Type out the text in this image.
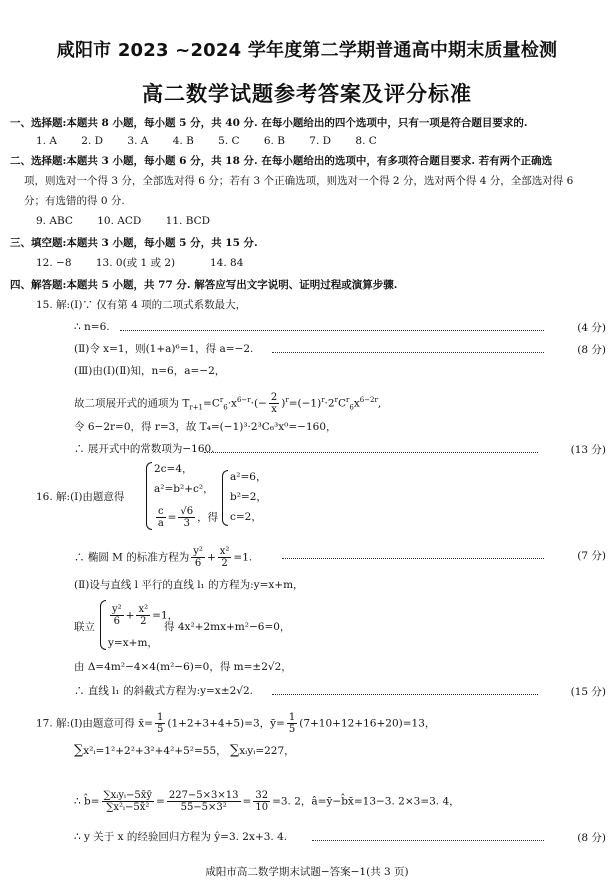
咸阳市 2023 ~2024 学年度第二学期普通高中期末质量检测
高二数学试题参考答案及评分标准
一、选择题:本题共 8 小题，每小题 5 分，共 40 分. 在每小题给出的四个选项中，只有一项是符合题目要求的.
1. A   2. D   3. A   4. B   5. C   6. B   7. D   8. C
二、选择题:本题共 3 小题，每小题 6 分，共 18 分. 在每小题给出的选项中，有多项符合题目要求. 若有两个正确选
项，则选对一个得 3 分，全部选对得 6 分；若有 3 个正确选项，则选对一个得 2 分，选对两个得 4 分，全部选对得 6
分；有选错的得 0 分.
9. ABC   10. ACD   11. BCD
三、填空题:本题共 3 小题，每小题 5 分，共 15 分.
12. −8   13. 0(或 1 或 2)   	14. 84
四、解答题:本题共 5 小题，共 77 分. 解答应写出文字说明、证明过程或演算步骤.
15. 解:(Ⅰ)∵ 仅有第 4 项的二项式系数最大，
∴ n=6.	(4 分)
(Ⅱ)令 x=1，则(1+a)⁶=1，得 a=−2.	(8 分)
(Ⅲ)由(Ⅰ)(Ⅱ)知，n=6，a=−2，
故二项展开式的通项为 $T_{r+1}=C^r_6\cdot x^{6-r}\cdot(- \frac{2}{x} )^r=(-1)^r\cdot 2^rC^r_6x^{6-2r}$,
令 6−2r=0，得 r=3，故 T₄=(−1)³·2³C₆³x⁰=−160，
∴ 展开式中的常数项为−160.	(13 分)
16. 解:(Ⅰ)由题意得
2c=4，
a²=b²+c²，
$\frac{c}{a} = \frac{√6}{3}$ ，得
a²=6，
b²=2，
c=2，
∴ 椭圆 M 的标准方程为 $\frac{\text{y²}}{6} + \frac{\text{x²}}{2} =1$.	(7 分)
(Ⅱ)设与直线 l 平行的直线 l₁ 的方程为:y=x+m，
联立	$\frac{\text{y²}}{6} + \frac{\text{x²}}{2} =1$，
y=x+m，
得 4x²+2mx+m²−6=0，
由 Δ=4m²−4×4(m²−6)=0，得 m=±2√2，
∴ 直线 l₁ 的斜截式方程为:y=x±2√2.	(15 分)
17. 解:(Ⅰ)由题意可得 x̄= $\frac{1}{5} (1+2+3+4+5)=3$，ȳ= $\frac{1}{5} (7+10+12+16+20)=13$，
∑x²ᵢ=1²+2²+3²+4²+5²=55， ∑xᵢyᵢ=227，
∴ b̂= $\frac{\text{∑xᵢyᵢ−5x̄ȳ}}{\text{∑x²ᵢ−5x̄²}} = \frac{227-5\times 3\times 13}{\text{55−5×3²}} = \frac{32}{10} =3$. 2，â=ȳ−b̂x̄=13−3. 2×3=3. 4，
∴ y 关于 x 的经验回归方程为 ŷ=3. 2x+3. 4.	(8 分)
咸阳市高二数学期末试题−答案−1(共 3 页)
